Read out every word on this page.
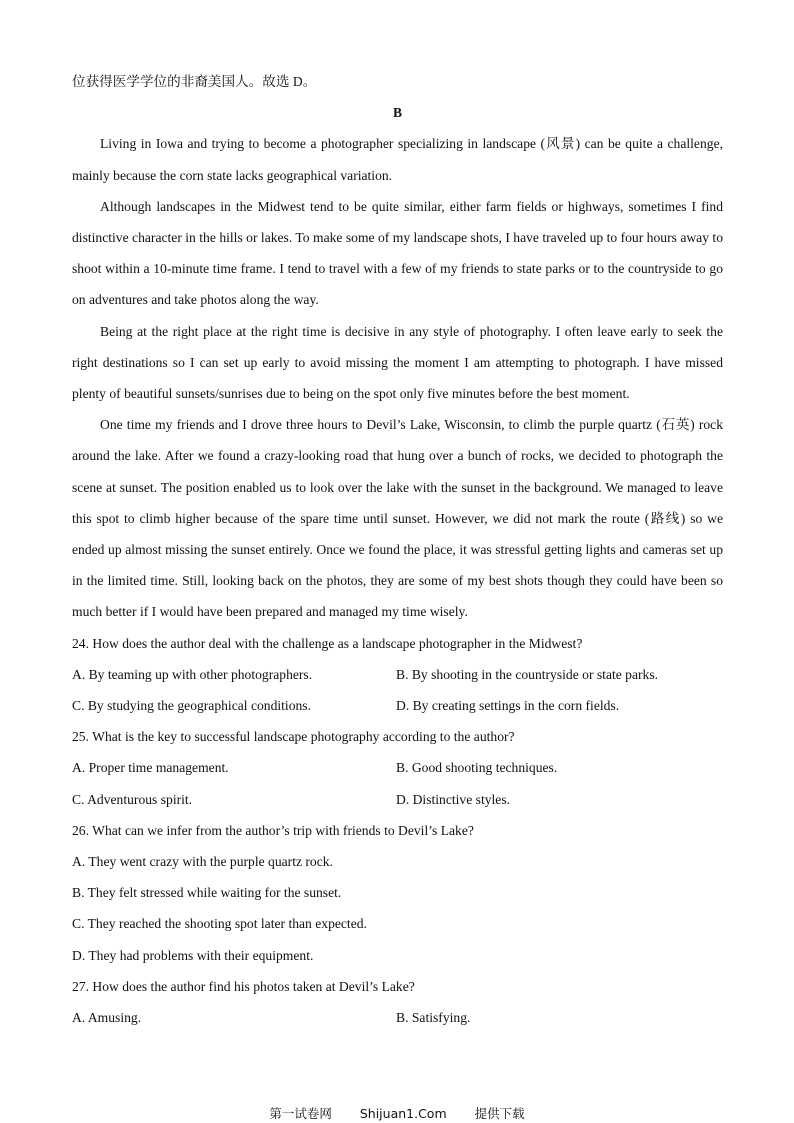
位获得医学学位的非裔美国人。故选 D。

B

Living in Iowa and trying to become a photographer specializing in landscape (风景) can be quite a challenge, mainly because the corn state lacks geographical variation.

Although landscapes in the Midwest tend to be quite similar, either farm fields or highways, sometimes I find distinctive character in the hills or lakes. To make some of my landscape shots, I have traveled up to four hours away to shoot within a 10-minute time frame. I tend to travel with a few of my friends to state parks or to the countryside to go on adventures and take photos along the way.

Being at the right place at the right time is decisive in any style of photography. I often leave early to seek the right destinations so I can set up early to avoid missing the moment I am attempting to photograph. I have missed plenty of beautiful sunsets/sunrises due to being on the spot only five minutes before the best moment.

One time my friends and I drove three hours to Devil’s Lake, Wisconsin, to climb the purple quartz (石英) rock around the lake. After we found a crazy-looking road that hung over a bunch of rocks, we decided to photograph the scene at sunset. The position enabled us to look over the lake with the sunset in the background. We managed to leave this spot to climb higher because of the spare time until sunset. However, we did not mark the route (路线) so we ended up almost missing the sunset entirely. Once we found the place, it was stressful getting lights and cameras set up in the limited time. Still, looking back on the photos, they are some of my best shots though they could have been so much better if I would have been prepared and managed my time wisely.

24. How does the author deal with the challenge as a landscape photographer in the Midwest?

A. By teaming up with other photographers.	B. By shooting in the countryside or state parks.
C. By studying the geographical conditions.	D. By creating settings in the corn fields.

25. What is the key to successful landscape photography according to the author?

A. Proper time management.	B. Good shooting techniques.
C. Adventurous spirit.	D. Distinctive styles.

26. What can we infer from the author’s trip with friends to Devil’s Lake?

A. They went crazy with the purple quartz rock.

B. They felt stressed while waiting for the sunset.

C. They reached the shooting spot later than expected.

D. They had problems with their equipment.

27. How does the author find his photos taken at Devil’s Lake?

A. Amusing.	B. Satisfying.
第一试卷网 Shijuan1.Com 提供下载
